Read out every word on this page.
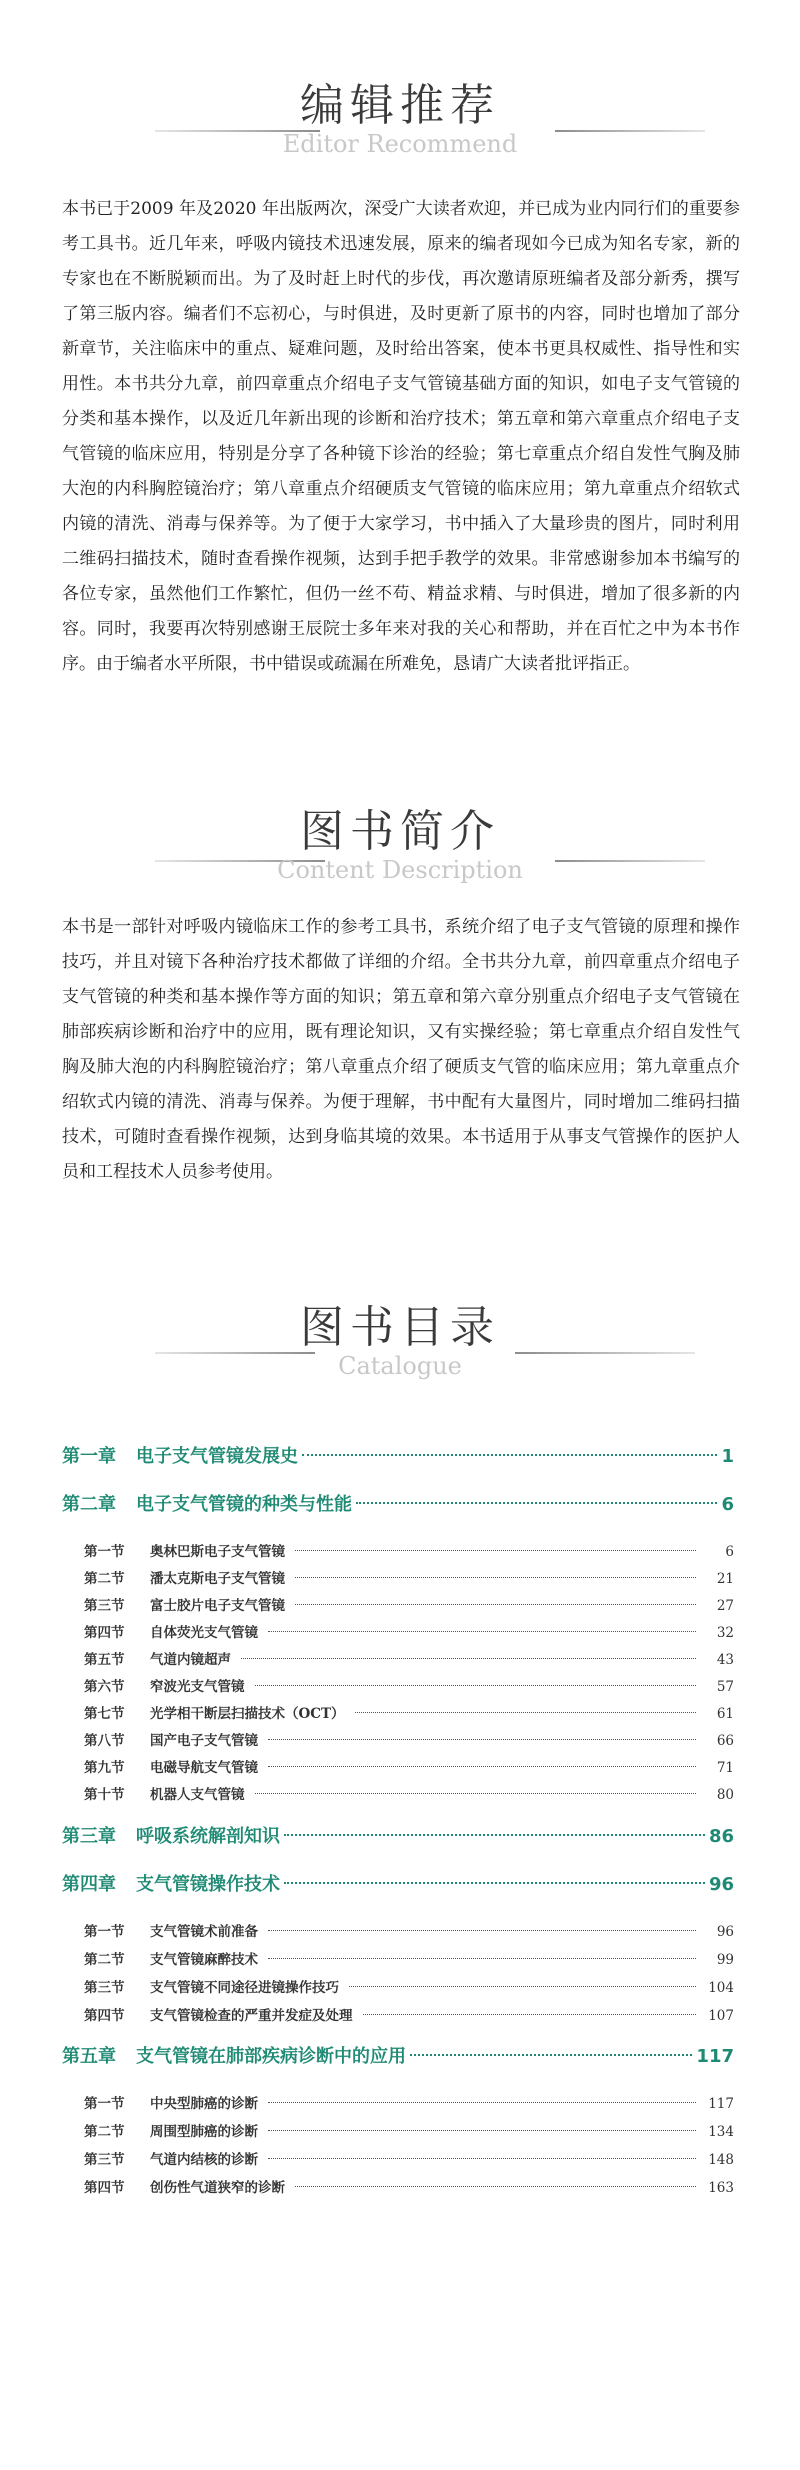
编辑推荐
Editor Recommend
本书已于2009 年及2020 年出版两次，深受广大读者欢迎，并已成为业内同行们的重要参考工具书。近几年来，呼吸内镜技术迅速发展，原来的编者现如今已成为知名专家，新的专家也在不断脱颖而出。为了及时赶上时代的步伐，再次邀请原班编者及部分新秀，撰写了第三版内容。编者们不忘初心，与时俱进，及时更新了原书的内容，同时也增加了部分新章节，关注临床中的重点、疑难问题，及时给出答案，使本书更具权威性、指导性和实用性。本书共分九章，前四章重点介绍电子支气管镜基础方面的知识，如电子支气管镜的分类和基本操作，以及近几年新出现的诊断和治疗技术；第五章和第六章重点介绍电子支气管镜的临床应用，特别是分享了各种镜下诊治的经验；第七章重点介绍自发性气胸及肺大泡的内科胸腔镜治疗；第八章重点介绍硬质支气管镜的临床应用；第九章重点介绍软式内镜的清洗、消毒与保养等。为了便于大家学习，书中插入了大量珍贵的图片，同时利用二维码扫描技术，随时查看操作视频，达到手把手教学的效果。非常感谢参加本书编写的各位专家，虽然他们工作繁忙，但仍一丝不苟、精益求精、与时俱进，增加了很多新的内容。同时，我要再次特别感谢王辰院士多年来对我的关心和帮助，并在百忙之中为本书作序。由于编者水平所限，书中错误或疏漏在所难免，恳请广大读者批评指正。
图书简介
Content Description
本书是一部针对呼吸内镜临床工作的参考工具书，系统介绍了电子支气管镜的原理和操作技巧，并且对镜下各种治疗技术都做了详细的介绍。全书共分九章，前四章重点介绍电子支气管镜的种类和基本操作等方面的知识；第五章和第六章分别重点介绍电子支气管镜在肺部疾病诊断和治疗中的应用，既有理论知识，又有实操经验；第七章重点介绍自发性气胸及肺大泡的内科胸腔镜治疗；第八章重点介绍了硬质支气管的临床应用；第九章重点介绍软式内镜的清洗、消毒与保养。为便于理解，书中配有大量图片，同时增加二维码扫描技术，可随时查看操作视频，达到身临其境的效果。本书适用于从事支气管操作的医护人员和工程技术人员参考使用。
图书目录
Catalogue
第一章 电子支气管镜发展史	1
第二章 电子支气管镜的种类与性能	6
第一节	奥林巴斯电子支气管镜	6
第二节	潘太克斯电子支气管镜	21
第三节	富士胶片电子支气管镜	27
第四节	自体荧光支气管镜	32
第五节	气道内镜超声	43
第六节	窄波光支气管镜	57
第七节	光学相干断层扫描技术（OCT）	61
第八节	国产电子支气管镜	66
第九节	电磁导航支气管镜	71
第十节	机器人支气管镜	80
第三章 呼吸系统解剖知识	86
第四章 支气管镜操作技术	96
第一节	支气管镜术前准备	96
第二节	支气管镜麻醉技术	99
第三节	支气管镜不同途径进镜操作技巧	104
第四节	支气管镜检查的严重并发症及处理	107
第五章 支气管镜在肺部疾病诊断中的应用	117
第一节	中央型肺癌的诊断	117
第二节	周围型肺癌的诊断	134
第三节	气道内结核的诊断	148
第四节	创伤性气道狭窄的诊断	163
